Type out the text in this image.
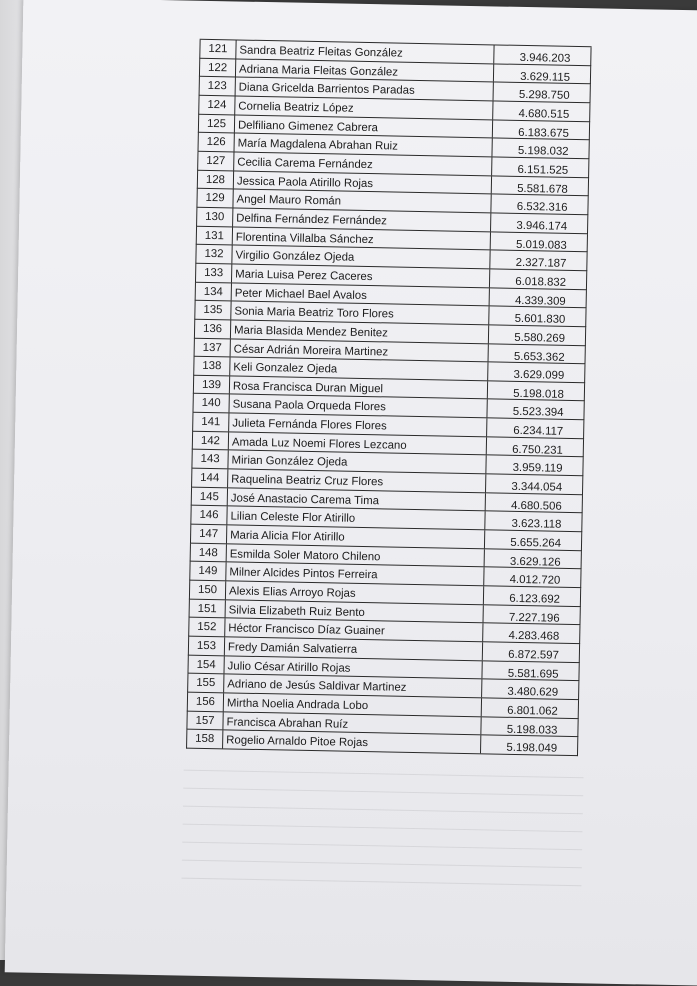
121	Sandra Beatriz Fleitas González	3.946.203
122	Adriana Maria Fleitas González	3.629.115
123	Diana Gricelda Barrientos Paradas	5.298.750
124	Cornelia Beatriz López	4.680.515
125	Delfiliano Gimenez Cabrera	6.183.675
126	María Magdalena Abrahan Ruiz	5.198.032
127	Cecilia Carema Fernández	6.151.525
128	Jessica Paola Atirillo Rojas	5.581.678
129	Angel Mauro Román	6.532.316
130	Delfina Fernández Fernández	3.946.174
131	Florentina Villalba Sánchez	5.019.083
132	Virgilio González Ojeda	2.327.187
133	Maria Luisa Perez Caceres	6.018.832
134	Peter Michael Bael Avalos	4.339.309
135	Sonia Maria Beatriz Toro Flores	5.601.830
136	Maria Blasida Mendez Benitez	5.580.269
137	César Adrián Moreira Martinez	5.653.362
138	Keli Gonzalez Ojeda	3.629.099
139	Rosa Francisca Duran Miguel	5.198.018
140	Susana Paola Orqueda Flores	5.523.394
141	Julieta Fernánda Flores Flores	6.234.117
142	Amada Luz Noemi Flores Lezcano	6.750.231
143	Mirian González Ojeda	3.959.119
144	Raquelina Beatriz Cruz Flores	3.344.054
145	José Anastacio Carema Tima	4.680.506
146	Lilian Celeste Flor Atirillo	3.623.118
147	Maria Alicia Flor Atirillo	5.655.264
148	Esmilda Soler Matoro Chileno	3.629.126
149	Milner Alcides Pintos Ferreira	4.012.720
150	Alexis Elias Arroyo Rojas	6.123.692
151	Silvia Elizabeth Ruiz Bento	7.227.196
152	Héctor Francisco Díaz Guainer	4.283.468
153	Fredy Damián Salvatierra	6.872.597
154	Julio César Atirillo Rojas	5.581.695
155	Adriano de Jesús Saldivar Martinez	3.480.629
156	Mirtha Noelia Andrada Lobo	6.801.062
157	Francisca Abrahan Ruíz	5.198.033
158	Rogelio Arnaldo Pitoe Rojas	5.198.049
